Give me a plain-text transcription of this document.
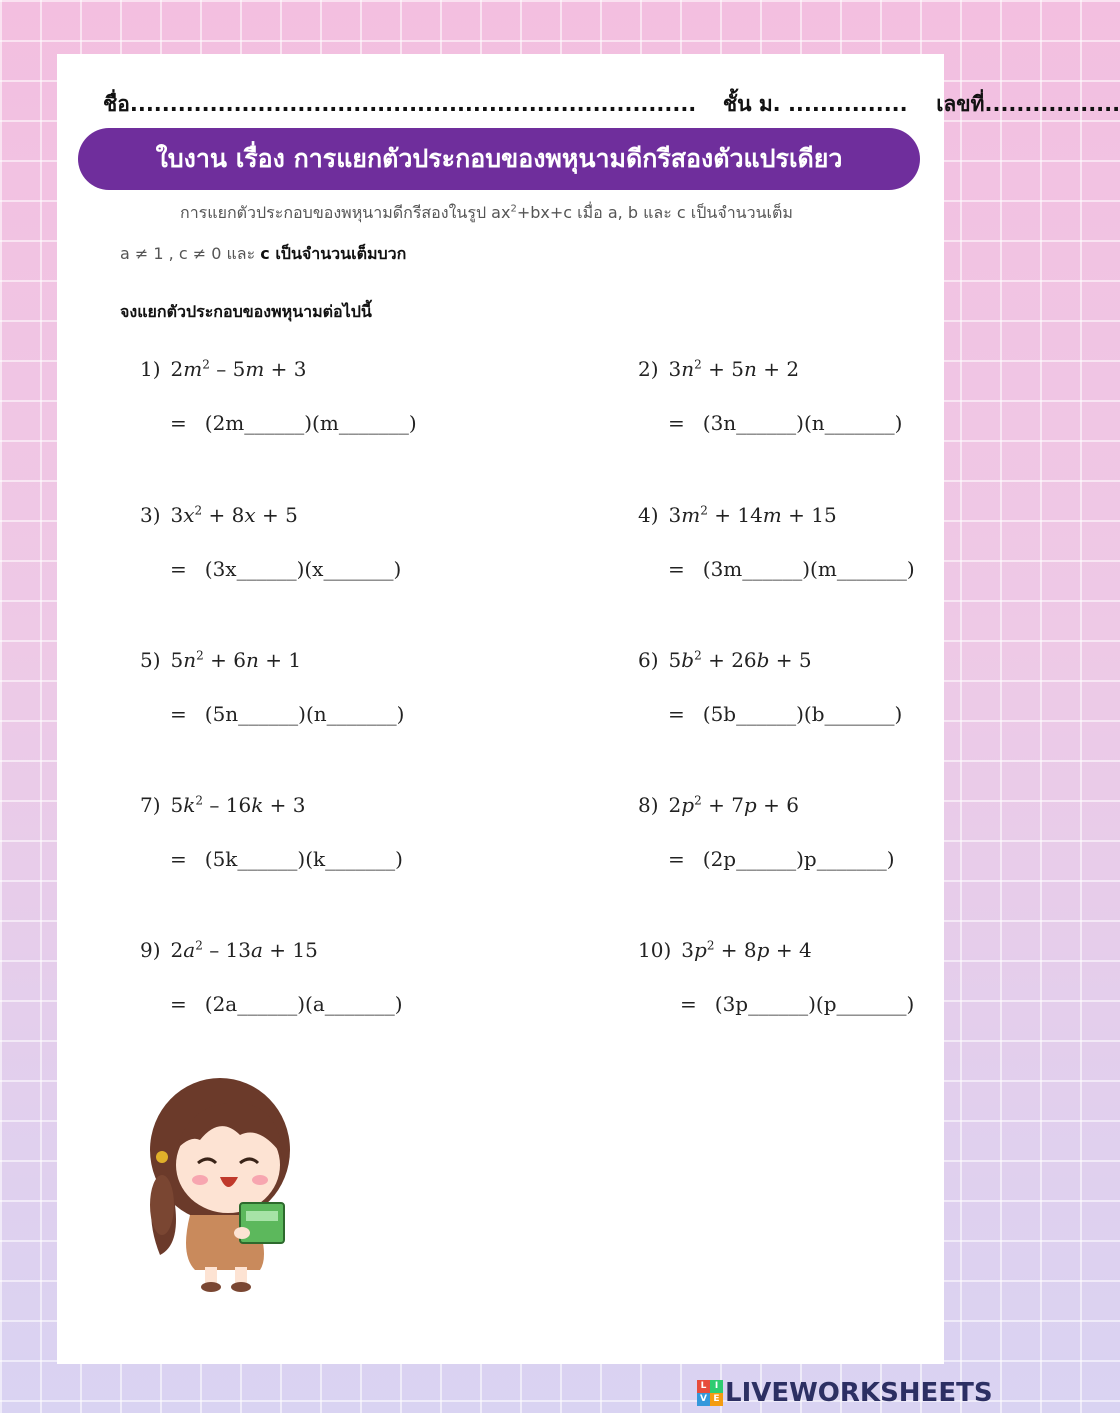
ชื่อ....................................................................... ชั้น ม. ............... เลขที่.................
ใบงาน เรื่อง การแยกตัวประกอบของพหุนามดีกรีสองตัวแปรเดียว
การแยกตัวประกอบของพหุนามดีกรีสองในรูป $ax^2+bx+c$ เมื่อ a, b และ c เป็นจำนวนเต็ม
a ≠ 1 , c ≠ 0 และ c เป็นจำนวนเต็มบวก
จงแยกตัวประกอบของพหุนามต่อไปนี้
1) $2m^2 - 5m + 3$
= (2m______)(m_______)
2) $3n^2 + 5n + 2$
= (3n______)(n_______)
3) $3x^2 + 8x + 5$
= (3x______)(x_______)
4) $3m^2 + 14m + 15$
= (3m______)(m_______)
5) $5n^2 + 6n + 1$
= (5n______)(n_______)
6) $5b^2 + 26b + 5$
= (5b______)(b_______)
7) $5k^2 - 16k + 3$
= (5k______)(k_______)
8) $2p^2 + 7p + 6$
= (2p______)p_______)
9) $2a^2 - 13a + 15$
= (2a______)(a_______)
10) $3p^2 + 8p + 4$
= (3p______)(p_______)
L I
V E LIVEWORKSHEETS
